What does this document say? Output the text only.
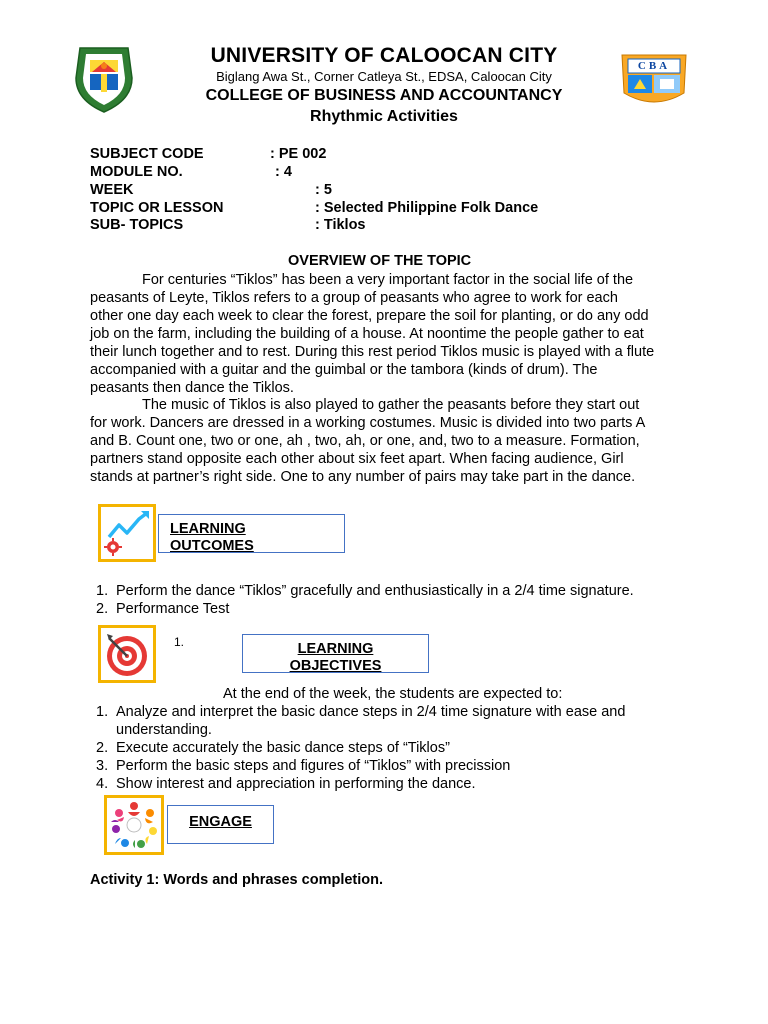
CBA
UNIVERSITY OF CALOOCAN CITY
Biglang Awa St., Corner Catleya St., EDSA, Caloocan City
COLLEGE OF BUSINESS AND ACCOUNTANCY
Rhythmic Activities
SUBJECT CODE	: PE 002
MODULE NO.	: 4
WEEK	: 5
TOPIC OR LESSON	: Selected Philippine Folk Dance
SUB- TOPICS	: Tiklos
OVERVIEW OF THE TOPIC
For centuries “Tiklos” has been a very important factor in the social life of the
peasants of Leyte, Tiklos refers to a group of peasants who agree to work for each
other one day each week to clear the forest, prepare the soil for planting, or do any odd
job on the farm, including the building of a house. At noontime the people gather to eat
their lunch together and to rest. During this rest period Tiklos music is played with a flute
accompanied with a guitar and the guimbal or the tambora (kinds of drum). The
peasants then dance the Tiklos.
The music of Tiklos is also played to gather the peasants before they start out
for work. Dancers are dressed in a working costumes. Music is divided into two parts A
and B. Count one, two or one, ah , two, ah, or one, and, two to a measure. Formation,
partners stand opposite each other about six feet apart. When facing audience, Girl
stands at partner’s right side. One to any number of pairs may take part in the dance.
LEARNING
OUTCOMES
1. Perform the dance “Tiklos” gracefully and enthusiastically in a 2/4 time signature.
2. Performance Test
1.	LEARNING
OBJECTIVES
At the end of the week, the students are expected to:
1. Analyze and interpret the basic dance steps in 2/4 time signature with ease and understanding.
2. Execute accurately the basic dance steps of “Tiklos”
3. Perform the basic steps and figures of “Tiklos” with precission
4. Show interest and appreciation in performing the dance.
ENGAGE
Activity 1: Words and phrases completion.
